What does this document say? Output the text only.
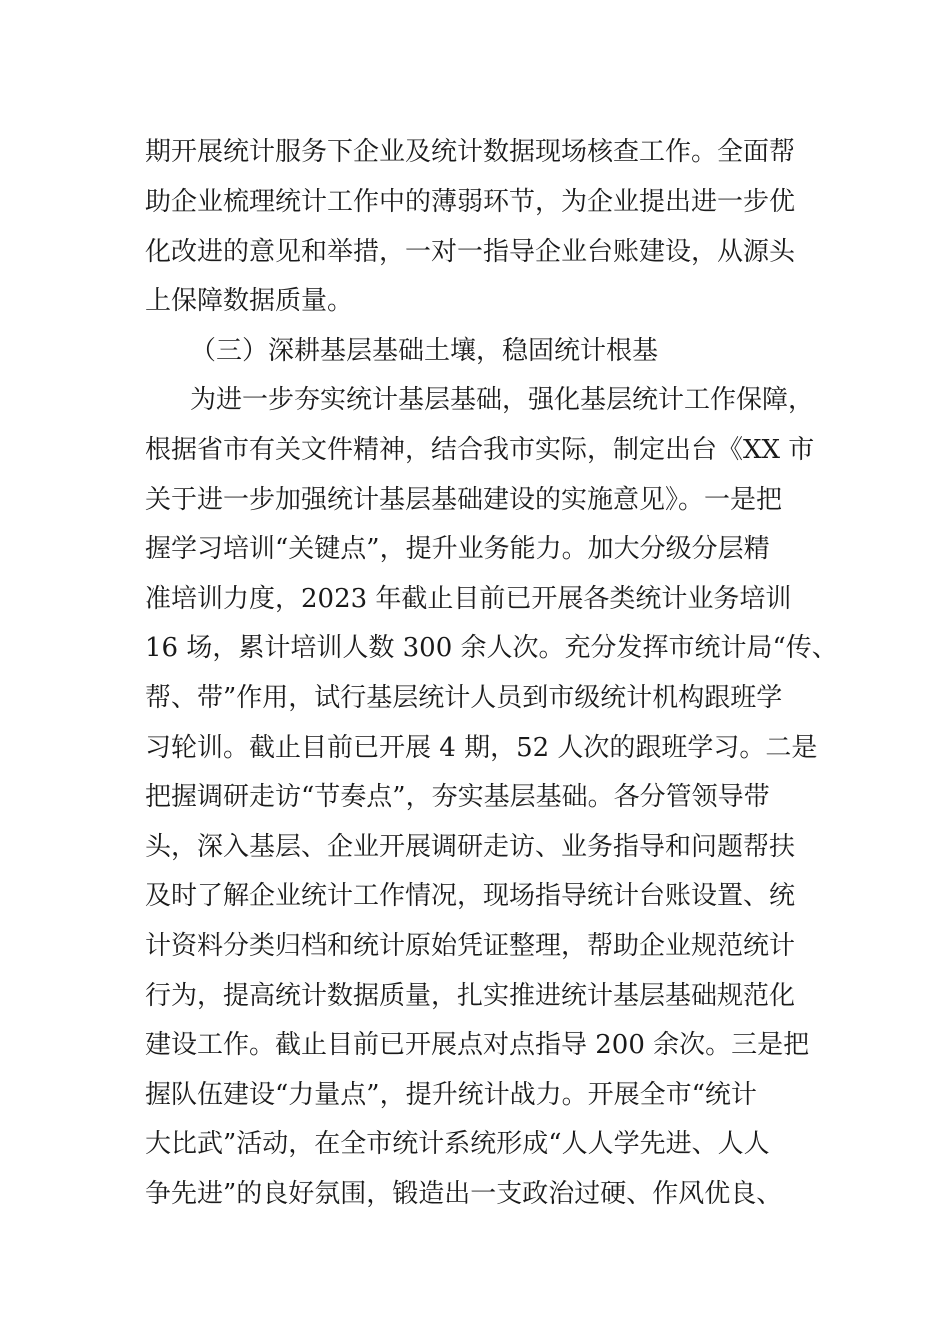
期开展统计服务下企业及统计数据现场核查工作。全面帮
助企业梳理统计工作中的薄弱环节，为企业提出进一步优
化改进的意见和举措，一对一指导企业台账建设，从源头
上保障数据质量。
（三）深耕基层基础土壤，稳固统计根基
为进一步夯实统计基层基础，强化基层统计工作保障，
根据省市有关文件精神，结合我市实际，制定出台《XX 市
关于进一步加强统计基层基础建设的实施意见》。一是把
握学习培训“关键点”，提升业务能力。加大分级分层精
准培训力度，2023 年截止目前已开展各类统计业务培训
16 场，累计培训人数 300 余人次。充分发挥市统计局“传、
帮、带”作用，试行基层统计人员到市级统计机构跟班学
习轮训。截止目前已开展 4 期，52 人次的跟班学习。二是
把握调研走访“节奏点”，夯实基层基础。各分管领导带
头，深入基层、企业开展调研走访、业务指导和问题帮扶
及时了解企业统计工作情况，现场指导统计台账设置、统
计资料分类归档和统计原始凭证整理，帮助企业规范统计
行为，提高统计数据质量，扎实推进统计基层基础规范化
建设工作。截止目前已开展点对点指导 200 余次。三是把
握队伍建设“力量点”，提升统计战力。开展全市“统计
大比武”活动，在全市统计系统形成“人人学先进、人人
争先进”的良好氛围，锻造出一支政治过硬、作风优良、
